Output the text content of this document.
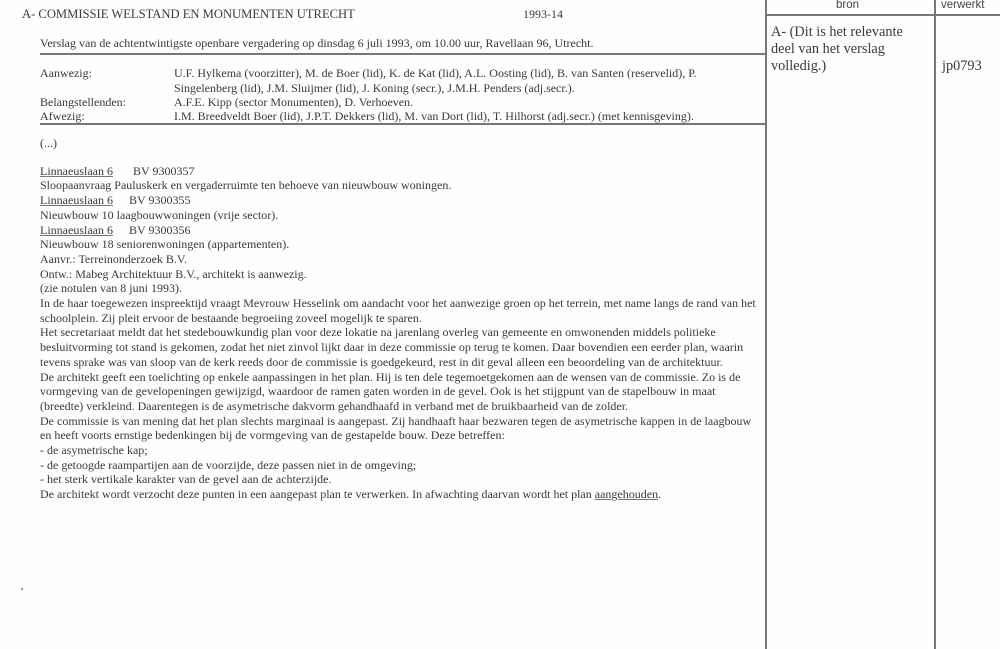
A- COMMISSIE WELSTAND EN MONUMENTEN UTRECHT	1993-14
Verslag van de achtentwintigste openbare vergadering op dinsdag 6 juli 1993, om 10.00 uur, Ravellaan 96, Utrecht.
Aanwezig:	U.F. Hylkema (voorzitter), M. de Boer (lid), K. de Kat (lid), A.L. Oosting (lid), B. van Santen (reservelid), P.
Singelenberg (lid), J.M. Sluijmer (lid), J. Koning (secr.), J.M.H. Penders (adj.secr.).
Belangstellenden:	A.F.E. Kipp (sector Monumenten), D. Verhoeven.
Afwezig:	I.M. Breedveldt Boer (lid), J.P.T. Dekkers (lid), M. van Dort (lid), T. Hilhorst (adj.secr.) (met kennisgeving).

(...)

Linnaeuslaan 6 BV 9300357

Sloopaanvraag Pauluskerk en vergaderruimte ten behoeve van nieuwbouw woningen.

Linnaeuslaan 6 BV 9300355

Nieuwbouw 10 laagbouwwoningen (vrije sector).

Linnaeuslaan 6 BV 9300356

Nieuwbouw 18 seniorenwoningen (appartementen).

Aanvr.: Terreinonderzoek B.V.

Ontw.: Mabeg Architektuur B.V., architekt is aanwezig.

(zie notulen van 8 juni 1993).

In de haar toegewezen inspreektijd vraagt Mevrouw Hesselink om aandacht voor het aanwezige groen op het terrein, met name langs de rand van het

schoolplein. Zij pleit ervoor de bestaande begroeiing zoveel mogelijk te sparen.

Het secretariaat meldt dat het stedebouwkundig plan voor deze lokatie na jarenlang overleg van gemeente en omwonenden middels politieke

besluitvorming tot stand is gekomen, zodat het niet zinvol lijkt daar in deze commissie op terug te komen. Daar bovendien een eerder plan, waarin

tevens sprake was van sloop van de kerk reeds door de commissie is goedgekeurd, rest in dit geval alleen een beoordeling van de architektuur.

De architekt geeft een toelichting op enkele aanpassingen in het plan. Hij is ten dele tegemoetgekomen aan de wensen van de commissie. Zo is de

vormgeving van de gevelopeningen gewijzigd, waardoor de ramen gaten worden in de gevel. Ook is het stijgpunt van de stapelbouw in maat

(breedte) verkleind. Daarentegen is de asymetrische dakvorm gehandhaafd in verband met de bruikbaarheid van de zolder.

De commissie is van mening dat het plan slechts marginaal is aangepast. Zij handhaaft haar bezwaren tegen de asymetrische kappen in de laagbouw

en heeft voorts ernstige bedenkingen bij de vormgeving van de gestapelde bouw. Deze betreffen:

- de asymetrische kap;

- de getoogde raampartijen aan de voorzijde, deze passen niet in de omgeving;

- het sterk vertikale karakter van de gevel aan de achterzijde.

De architekt wordt verzocht deze punten in een aangepast plan te verwerken. In afwachting daarvan wordt het plan aangehouden.

bron	verwerkt
A- (Dit is het relevante
deel van het verslag
volledig.)	jp0793
